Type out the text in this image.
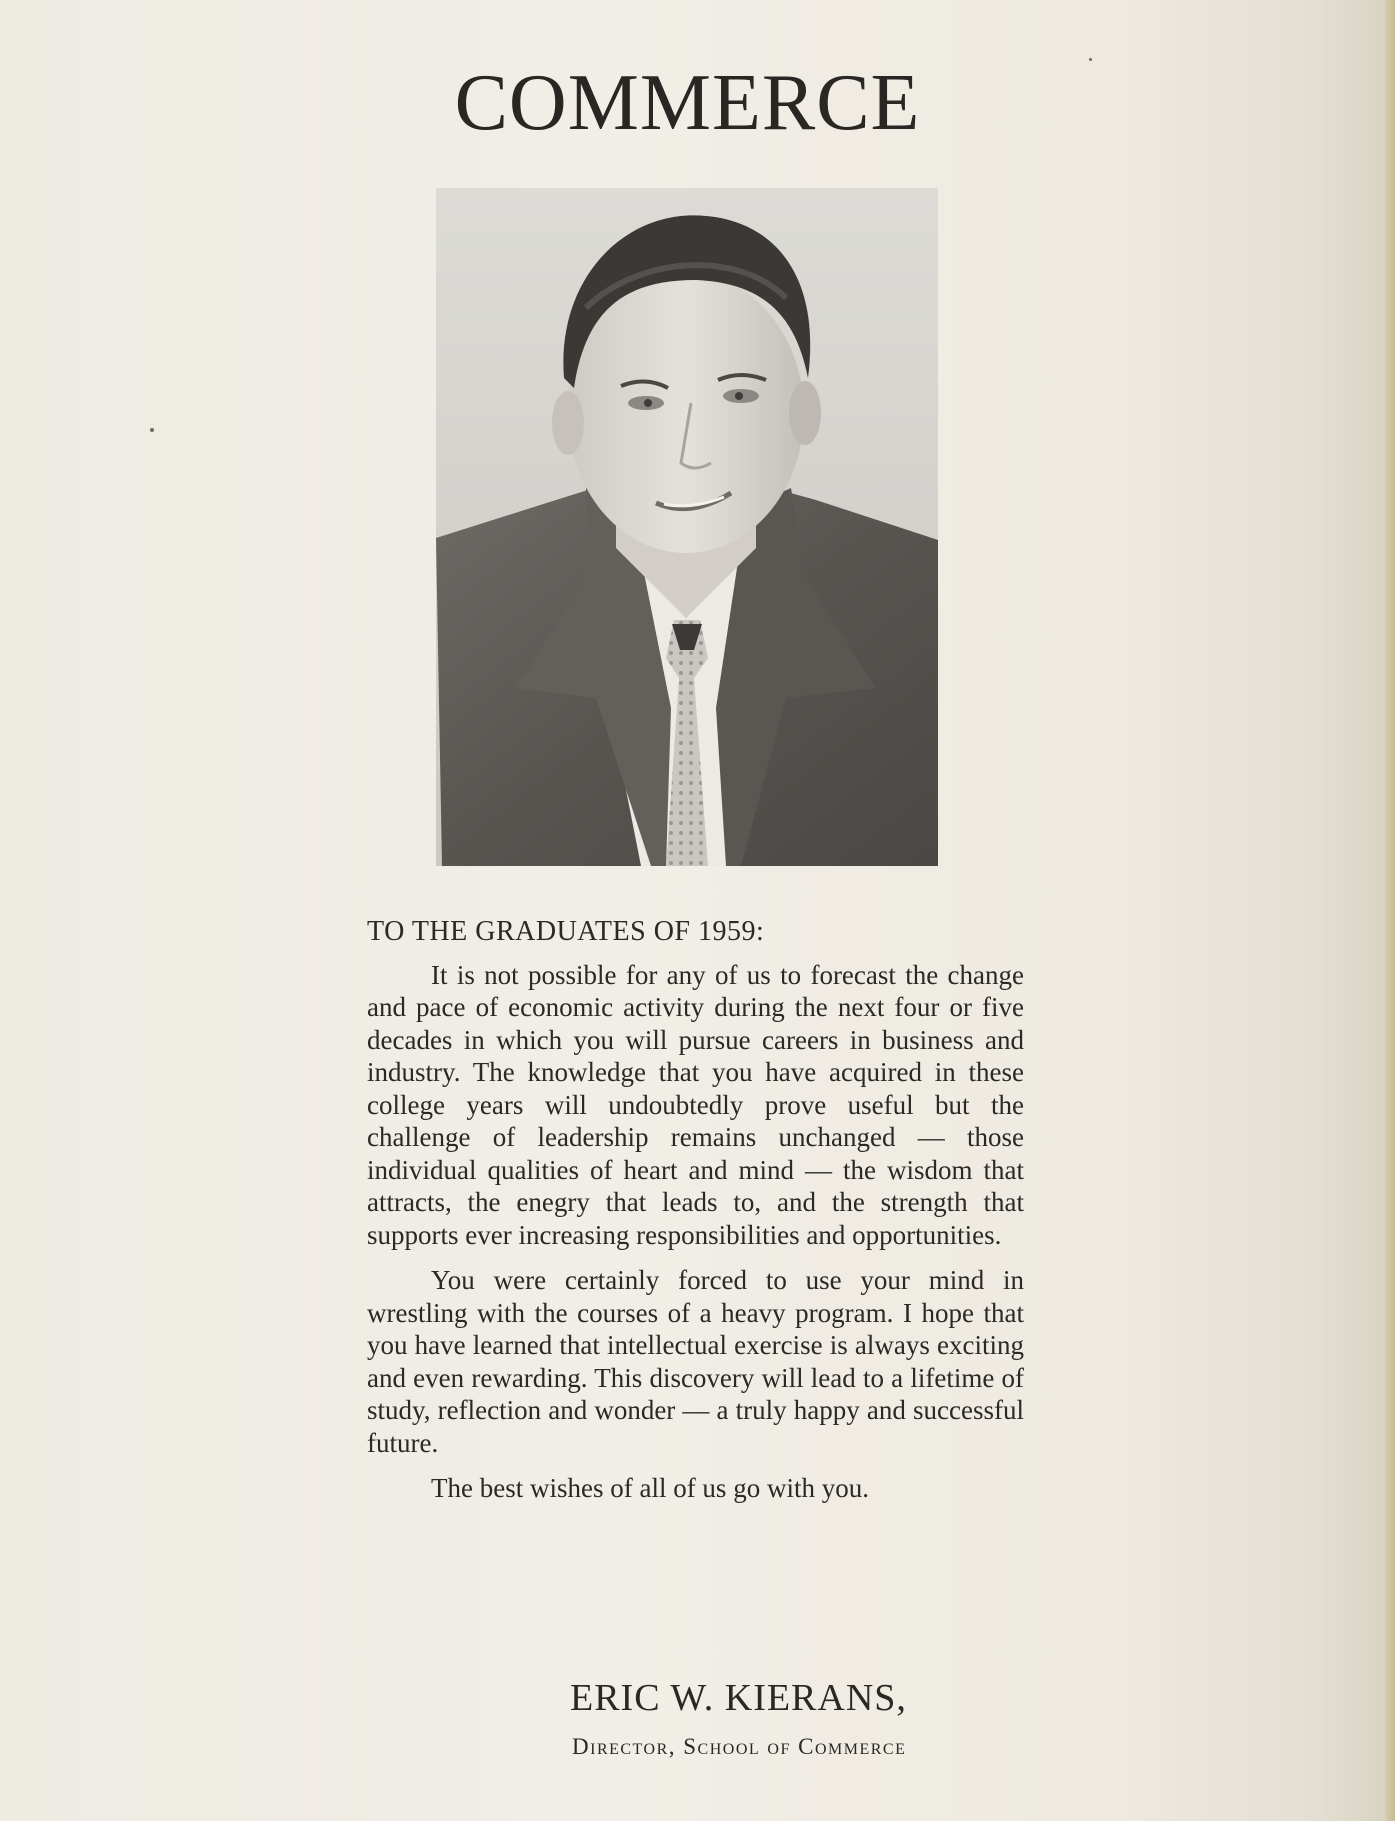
COMMERCE
TO THE GRADUATES OF 1959:

It is not possible for any of us to forecast the change and pace of economic activity during the next four or five decades in which you will pursue careers in business and industry. The knowledge that you have acquired in these college years will undoubtedly prove useful but the challenge of leadership remains unchanged — those individual qualities of heart and mind — the wisdom that attracts, the enegry that leads to, and the strength that supports ever increasing responsibilities and opportunities.

You were certainly forced to use your mind in wrestling with the courses of a heavy program. I hope that you have learned that intellectual exercise is always exciting and even rewarding. This discovery will lead to a lifetime of study, reflection and wonder — a truly happy and successful future.

The best wishes of all of us go with you.
ERIC W. KIERANS,
Director, School of Commerce
